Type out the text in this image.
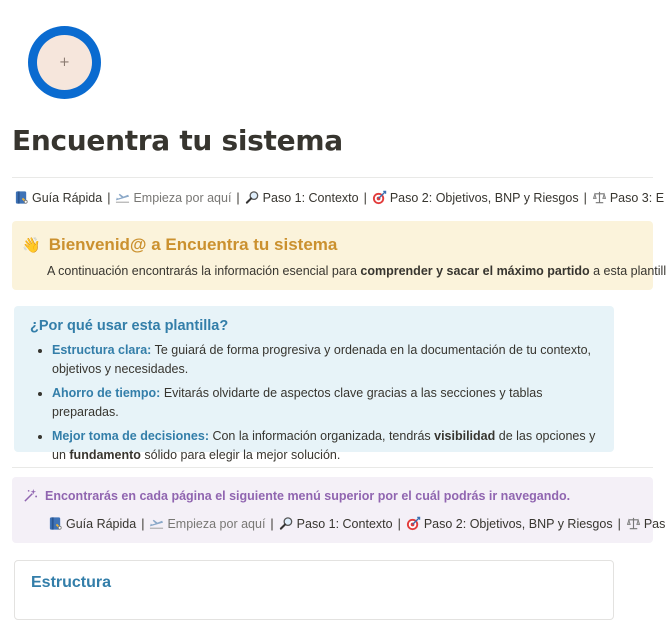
+
Encuentra tu sistema
Guía Rápida | Empieza por aquí | Paso 1: Contexto | Paso 2: Objetivos, BNP y Riesgos | Paso 3: E
👋 Bienvenid@ a Encuentra tu sistema
A continuación encontrarás la información esencial para comprender y sacar el máximo partido a esta plantill
¿Por qué usar esta plantilla?
• Estructura clara: Te guiará de forma progresiva y ordenada en la documentación de tu contexto, objetivos y necesidades.
• Ahorro de tiempo: Evitarás olvidarte de aspectos clave gracias a las secciones y tablas preparadas.
• Mejor toma de decisiones: Con la información organizada, tendrás visibilidad de las opciones y un fundamento sólido para elegir la mejor solución.
Encontrarás en cada página el siguiente menú superior por el cuál podrás ir navegando.
Guía Rápida | Empieza por aquí | Paso 1: Contexto | Paso 2: Objetivos, BNP y Riesgos | Pas
Estructura
